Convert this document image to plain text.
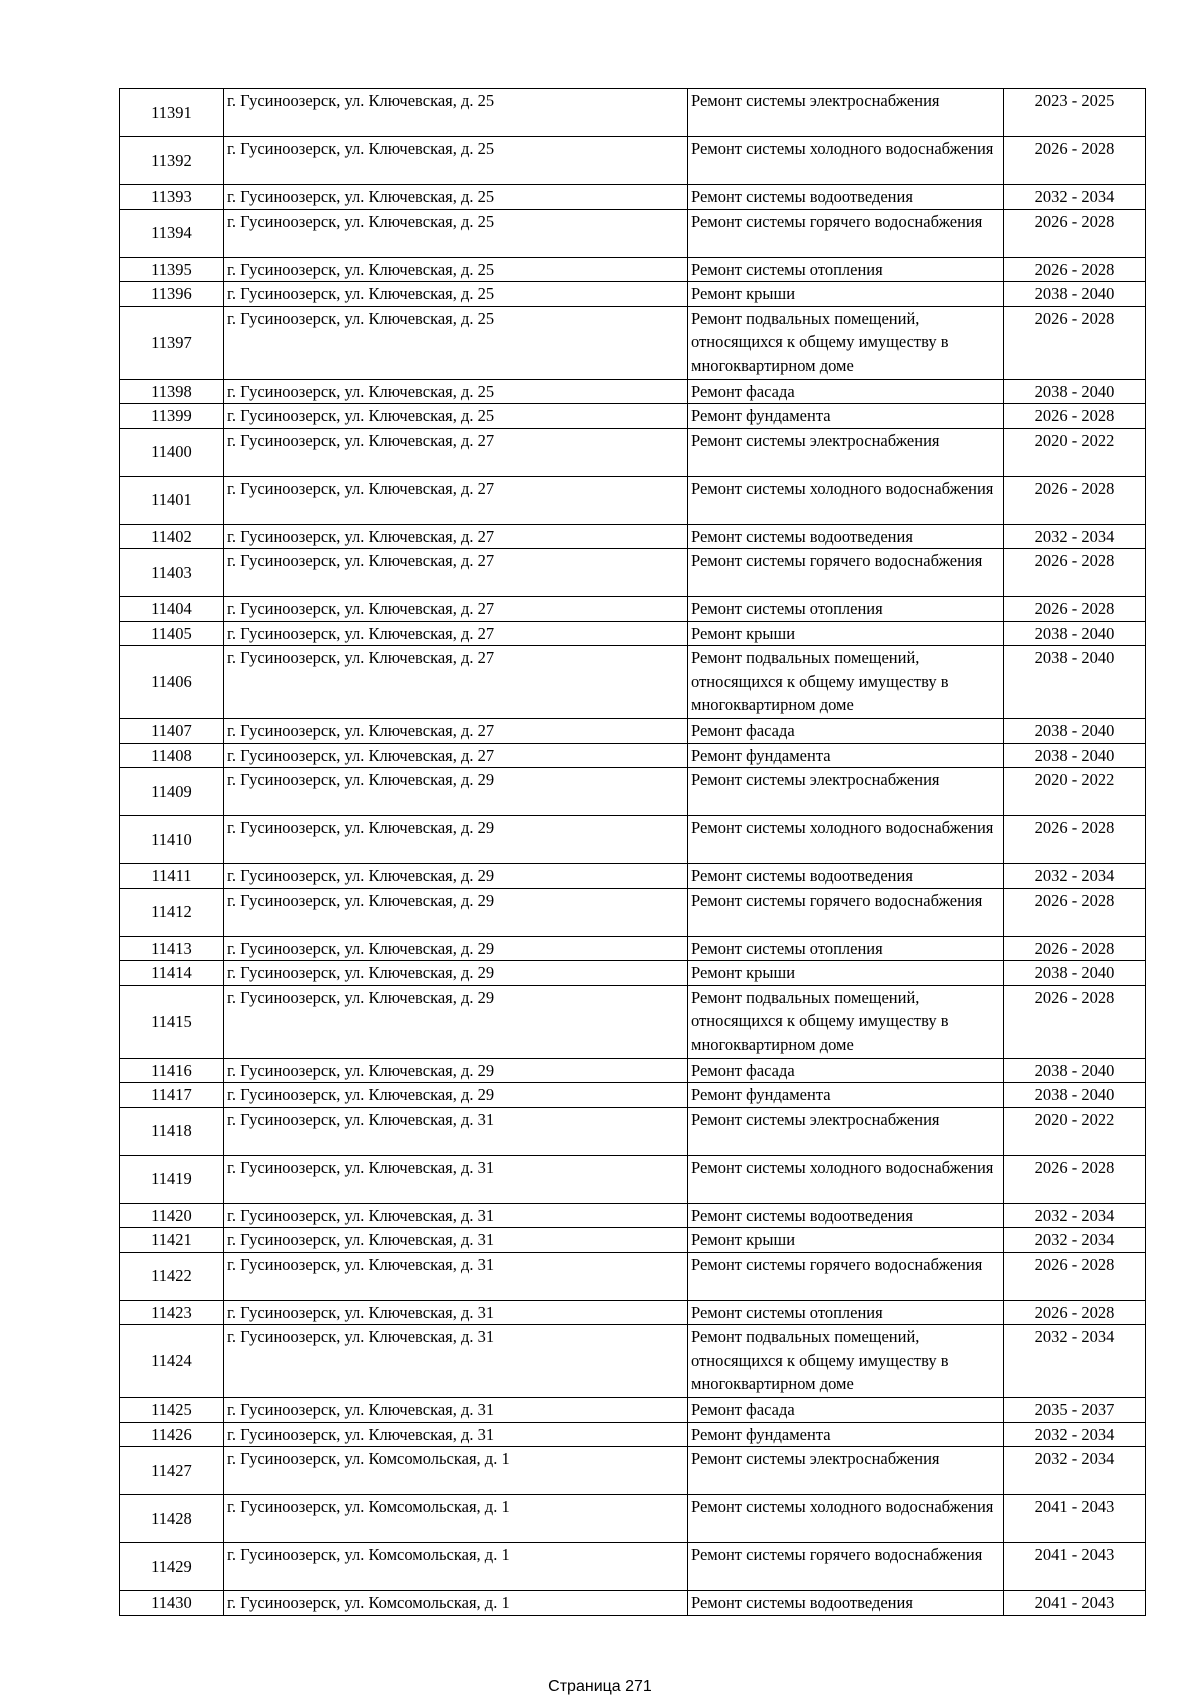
11391	г. Гусиноозерск, ул. Ключевская, д. 25	Ремонт системы электроснабжения	2023 - 2025
11392	г. Гусиноозерск, ул. Ключевская, д. 25	Ремонт системы холодного водоснабжения	2026 - 2028
11393	г. Гусиноозерск, ул. Ключевская, д. 25	Ремонт системы водоотведения	2032 - 2034
11394	г. Гусиноозерск, ул. Ключевская, д. 25	Ремонт системы горячего водоснабжения	2026 - 2028
11395	г. Гусиноозерск, ул. Ключевская, д. 25	Ремонт системы отопления	2026 - 2028
11396	г. Гусиноозерск, ул. Ключевская, д. 25	Ремонт крыши	2038 - 2040
11397	г. Гусиноозерск, ул. Ключевская, д. 25	Ремонт подвальных помещений, относящихся к общему имуществу в многоквартирном доме	2026 - 2028
11398	г. Гусиноозерск, ул. Ключевская, д. 25	Ремонт фасада	2038 - 2040
11399	г. Гусиноозерск, ул. Ключевская, д. 25	Ремонт фундамента	2026 - 2028
11400	г. Гусиноозерск, ул. Ключевская, д. 27	Ремонт системы электроснабжения	2020 - 2022
11401	г. Гусиноозерск, ул. Ключевская, д. 27	Ремонт системы холодного водоснабжения	2026 - 2028
11402	г. Гусиноозерск, ул. Ключевская, д. 27	Ремонт системы водоотведения	2032 - 2034
11403	г. Гусиноозерск, ул. Ключевская, д. 27	Ремонт системы горячего водоснабжения	2026 - 2028
11404	г. Гусиноозерск, ул. Ключевская, д. 27	Ремонт системы отопления	2026 - 2028
11405	г. Гусиноозерск, ул. Ключевская, д. 27	Ремонт крыши	2038 - 2040
11406	г. Гусиноозерск, ул. Ключевская, д. 27	Ремонт подвальных помещений, относящихся к общему имуществу в многоквартирном доме	2038 - 2040
11407	г. Гусиноозерск, ул. Ключевская, д. 27	Ремонт фасада	2038 - 2040
11408	г. Гусиноозерск, ул. Ключевская, д. 27	Ремонт фундамента	2038 - 2040
11409	г. Гусиноозерск, ул. Ключевская, д. 29	Ремонт системы электроснабжения	2020 - 2022
11410	г. Гусиноозерск, ул. Ключевская, д. 29	Ремонт системы холодного водоснабжения	2026 - 2028
11411	г. Гусиноозерск, ул. Ключевская, д. 29	Ремонт системы водоотведения	2032 - 2034
11412	г. Гусиноозерск, ул. Ключевская, д. 29	Ремонт системы горячего водоснабжения	2026 - 2028
11413	г. Гусиноозерск, ул. Ключевская, д. 29	Ремонт системы отопления	2026 - 2028
11414	г. Гусиноозерск, ул. Ключевская, д. 29	Ремонт крыши	2038 - 2040
11415	г. Гусиноозерск, ул. Ключевская, д. 29	Ремонт подвальных помещений, относящихся к общему имуществу в многоквартирном доме	2026 - 2028
11416	г. Гусиноозерск, ул. Ключевская, д. 29	Ремонт фасада	2038 - 2040
11417	г. Гусиноозерск, ул. Ключевская, д. 29	Ремонт фундамента	2038 - 2040
11418	г. Гусиноозерск, ул. Ключевская, д. 31	Ремонт системы электроснабжения	2020 - 2022
11419	г. Гусиноозерск, ул. Ключевская, д. 31	Ремонт системы холодного водоснабжения	2026 - 2028
11420	г. Гусиноозерск, ул. Ключевская, д. 31	Ремонт системы водоотведения	2032 - 2034
11421	г. Гусиноозерск, ул. Ключевская, д. 31	Ремонт крыши	2032 - 2034
11422	г. Гусиноозерск, ул. Ключевская, д. 31	Ремонт системы горячего водоснабжения	2026 - 2028
11423	г. Гусиноозерск, ул. Ключевская, д. 31	Ремонт системы отопления	2026 - 2028
11424	г. Гусиноозерск, ул. Ключевская, д. 31	Ремонт подвальных помещений, относящихся к общему имуществу в многоквартирном доме	2032 - 2034
11425	г. Гусиноозерск, ул. Ключевская, д. 31	Ремонт фасада	2035 - 2037
11426	г. Гусиноозерск, ул. Ключевская, д. 31	Ремонт фундамента	2032 - 2034
11427	г. Гусиноозерск, ул. Комсомольская, д. 1	Ремонт системы электроснабжения	2032 - 2034
11428	г. Гусиноозерск, ул. Комсомольская, д. 1	Ремонт системы холодного водоснабжения	2041 - 2043
11429	г. Гусиноозерск, ул. Комсомольская, д. 1	Ремонт системы горячего водоснабжения	2041 - 2043
11430	г. Гусиноозерск, ул. Комсомольская, д. 1	Ремонт системы водоотведения	2041 - 2043
Страница 271
